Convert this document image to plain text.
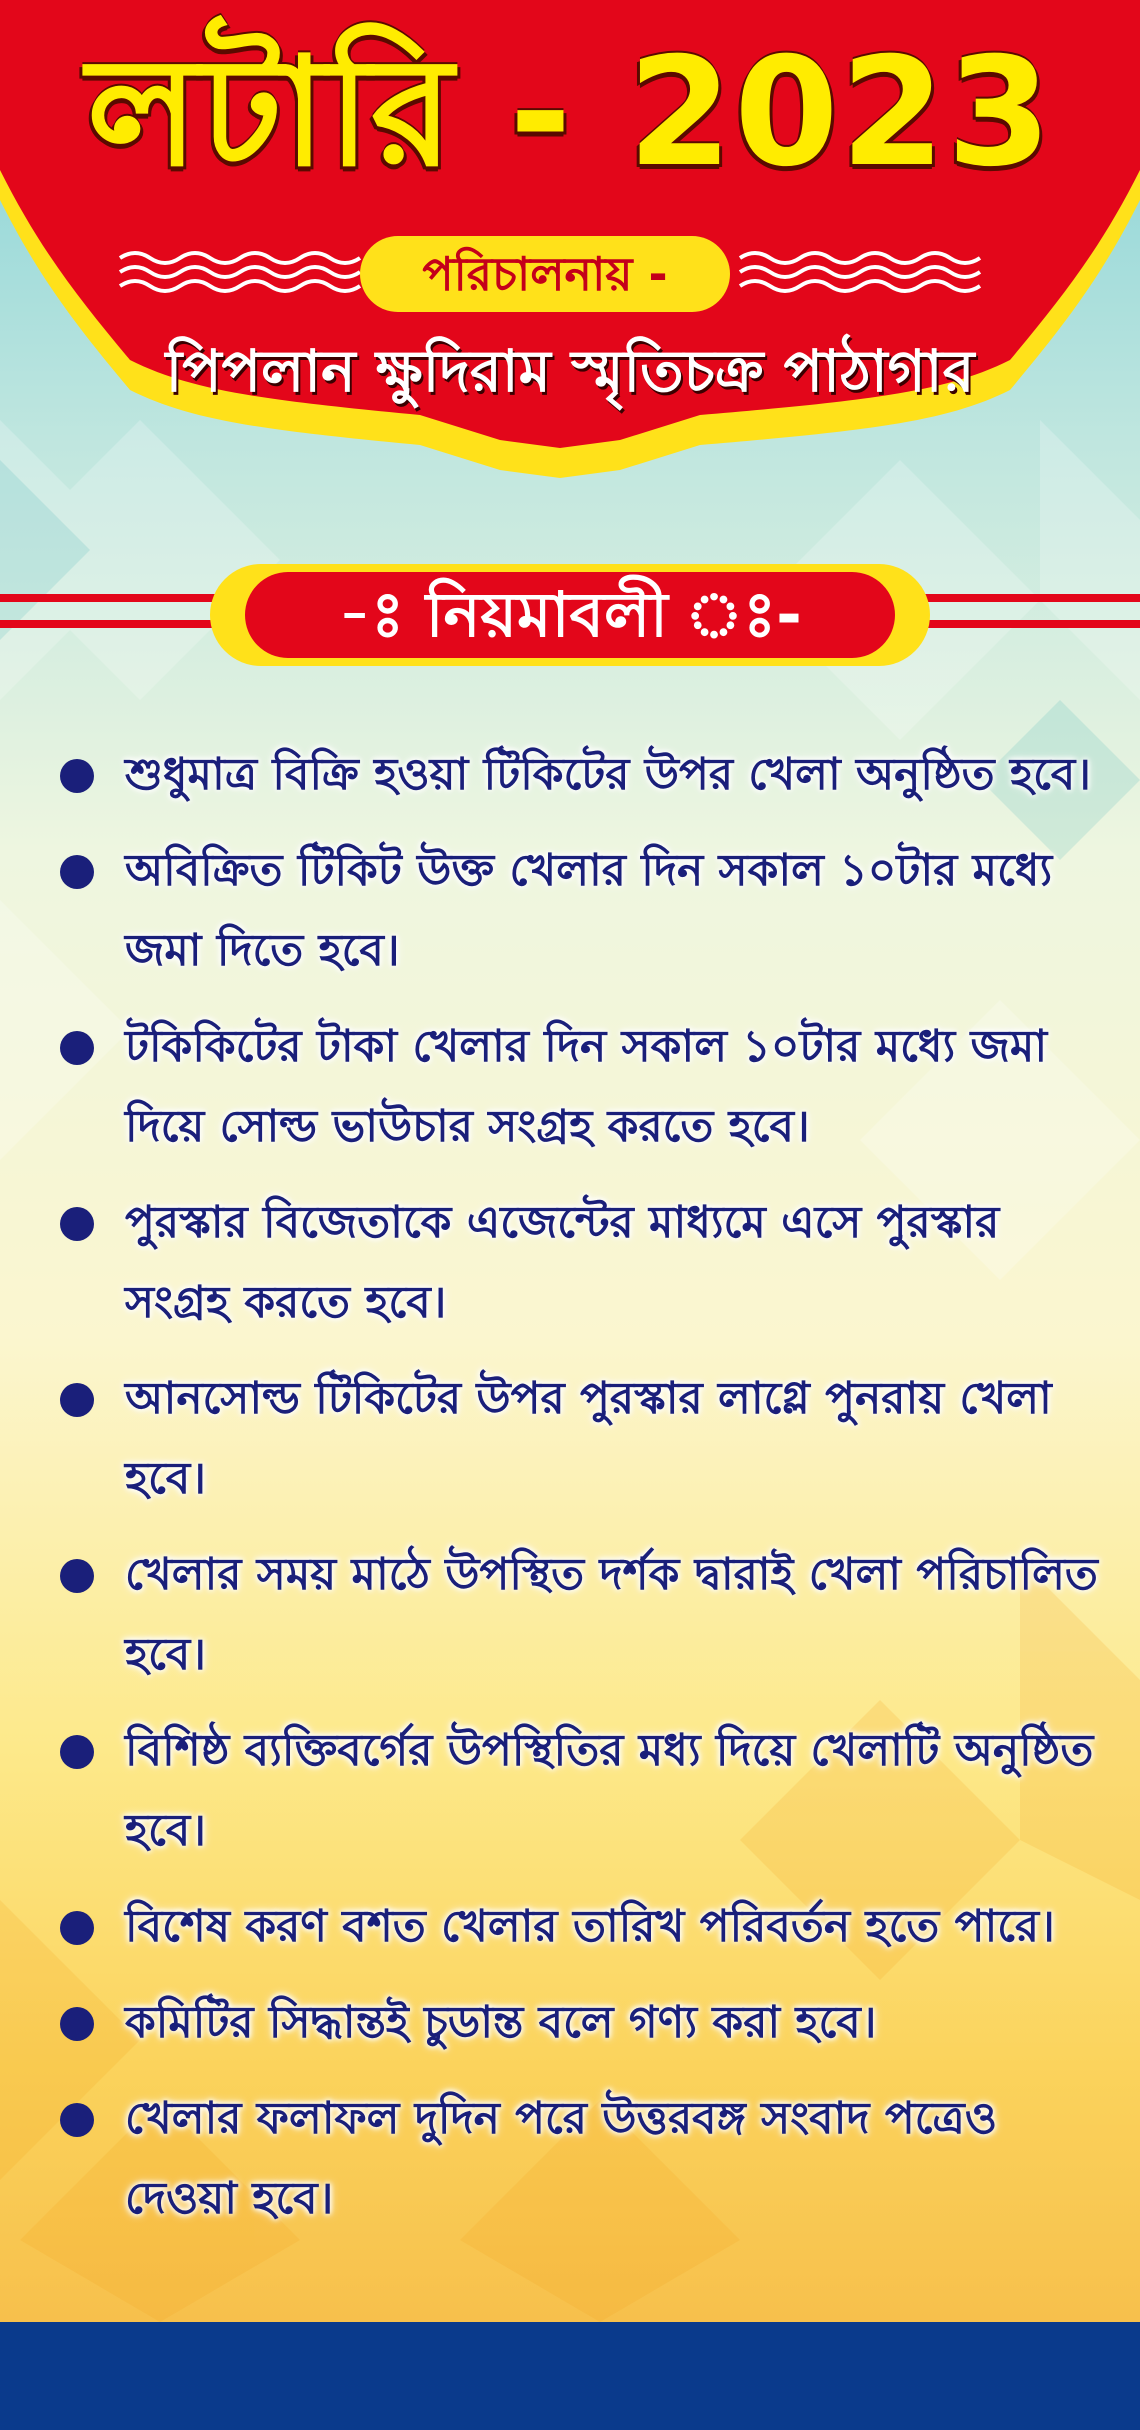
লটারি - 2023
পরিচালনায় -
পিপলান ক্ষুদিরাম স্মৃতিচক্র পাঠাগার
-ঃ নিয়মাবলী ঃ-
শুধুমাত্র বিক্রি হওয়া টিকিটের উপর খেলা অনুষ্ঠিত হবে।
অবিক্রিত টিকিট উক্ত খেলার দিন সকাল ১০টার মধ্যে জমা দিতে হবে।
টকিকিটের টাকা খেলার দিন সকাল ১০টার মধ্যে জমা দিয়ে সোল্ড ভাউচার সংগ্রহ করতে হবে।
পুরস্কার বিজেতাকে এজেন্টের মাধ্যমে এসে পুরস্কার সংগ্রহ করতে হবে।
আনসোল্ড টিকিটের উপর পুরস্কার লাগ্লে পুনরায় খেলা হবে।
খেলার সময় মাঠে উপস্থিত দর্শক দ্বারাই খেলা পরিচালিত হবে।
বিশিষ্ঠ ব্যক্তিবর্গের উপস্থিতির মধ্য দিয়ে খেলাটি অনুষ্ঠিত হবে।
বিশেষ করণ বশত খেলার তারিখ পরিবর্তন হতে পারে।
কমিটির সিদ্ধান্তই চুডান্ত বলে গণ্য করা হবে।
খেলার ফলাফল দুদিন পরে উত্তরবঙ্গ সংবাদ পত্রেও দেওয়া হবে।
